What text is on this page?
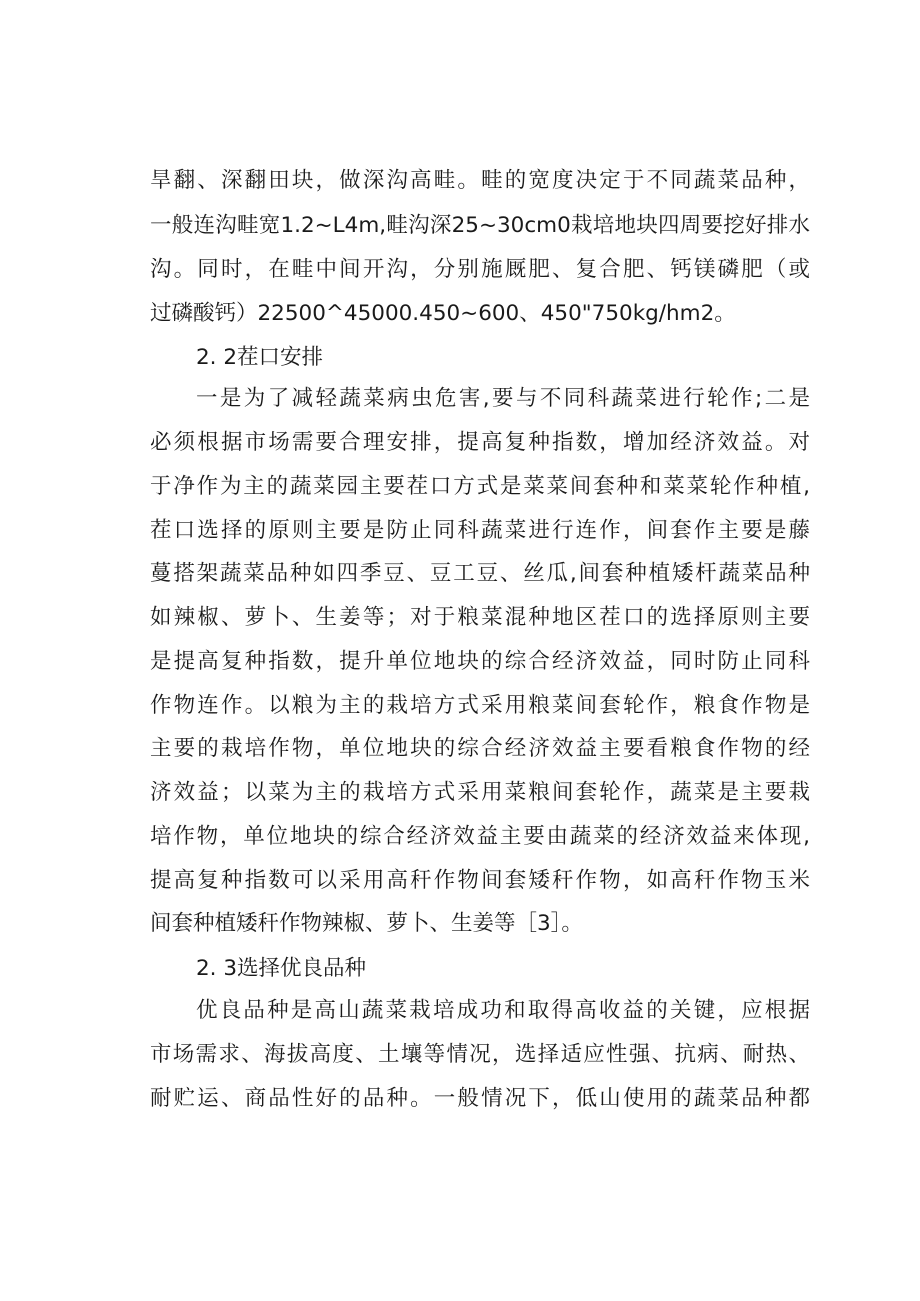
旱翻、深翻田块，做深沟高畦。畦的宽度决定于不同蔬菜品种，
一般连沟畦宽1.2~L4m,畦沟深25~30cm0栽培地块四周要挖好排水
沟。同时，在畦中间开沟，分别施厩肥、复合肥、钙镁磷肥（或
过磷酸钙）22500^45000.450~600、450"750kg∕hm2。
2. 2茬口安排
一是为了减轻蔬菜病虫危害,要与不同科蔬菜进行轮作;二是
必须根据市场需要合理安排，提高复种指数，增加经济效益。对
于净作为主的蔬菜园主要茬口方式是菜菜间套种和菜菜轮作种植,
茬口选择的原则主要是防止同科蔬菜进行连作，间套作主要是藤
蔓搭架蔬菜品种如四季豆、豆工豆、丝瓜,间套种植矮杆蔬菜品种
如辣椒、萝卜、生姜等；对于粮菜混种地区茬口的选择原则主要
是提高复种指数，提升单位地块的综合经济效益，同时防止同科
作物连作。以粮为主的栽培方式采用粮菜间套轮作，粮食作物是
主要的栽培作物，单位地块的综合经济效益主要看粮食作物的经
济效益；以菜为主的栽培方式采用菜粮间套轮作，蔬菜是主要栽
培作物，单位地块的综合经济效益主要由蔬菜的经济效益来体现,
提高复种指数可以采用高秆作物间套矮秆作物，如高秆作物玉米
间套种植矮秆作物辣椒、萝卜、生姜等［3］。
2. 3选择优良品种
优良品种是高山蔬菜栽培成功和取得高收益的关键，应根据
市场需求、海拔高度、土壤等情况，选择适应性强、抗病、耐热、
耐贮运、商品性好的品种。一般情况下，低山使用的蔬菜品种都
